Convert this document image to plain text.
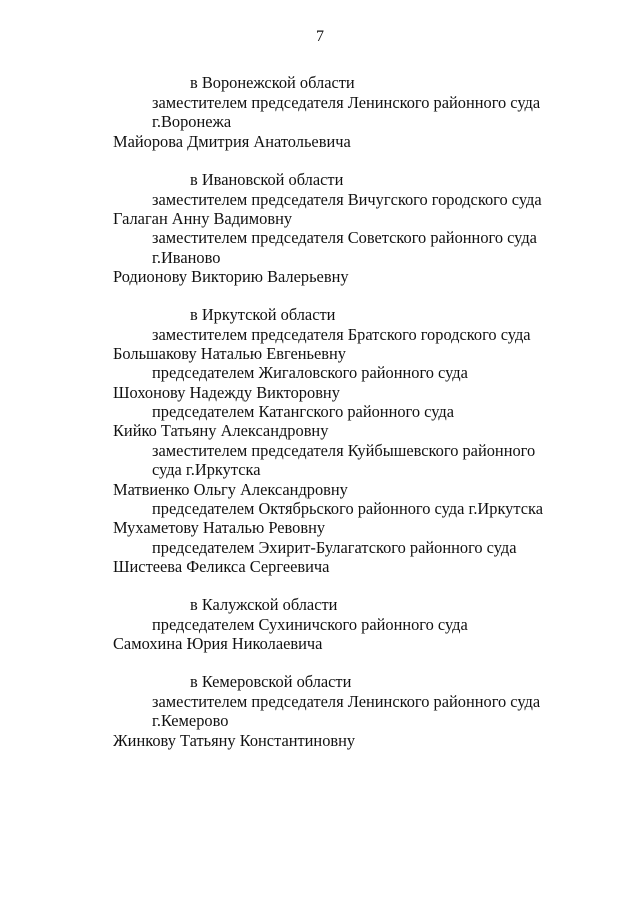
7
в Воронежской области
заместителем председателя Ленинского районного суда
г.Воронежа
Майорова Дмитрия Анатольевича
в Ивановской области
заместителем председателя Вичугского городского суда
Галаган Анну Вадимовну
заместителем председателя Советского районного суда
г.Иваново
Родионову Викторию Валерьевну
в Иркутской области
заместителем председателя Братского городского суда
Большакову Наталью Евгеньевну
председателем Жигаловского районного суда
Шохонову Надежду Викторовну
председателем Катангского районного суда
Кийко Татьяну Александровну
заместителем председателя Куйбышевского районного
суда г.Иркутска
Матвиенко Ольгу Александровну
председателем Октябрьского районного суда г.Иркутска
Мухаметову Наталью Ревовну
председателем Эхирит-Булагатского районного суда
Шистеева Феликса Сергеевича
в Калужской области
председателем Сухиничского районного суда
Самохина Юрия Николаевича
в Кемеровской области
заместителем председателя Ленинского районного суда
г.Кемерово
Жинкову Татьяну Константиновну
